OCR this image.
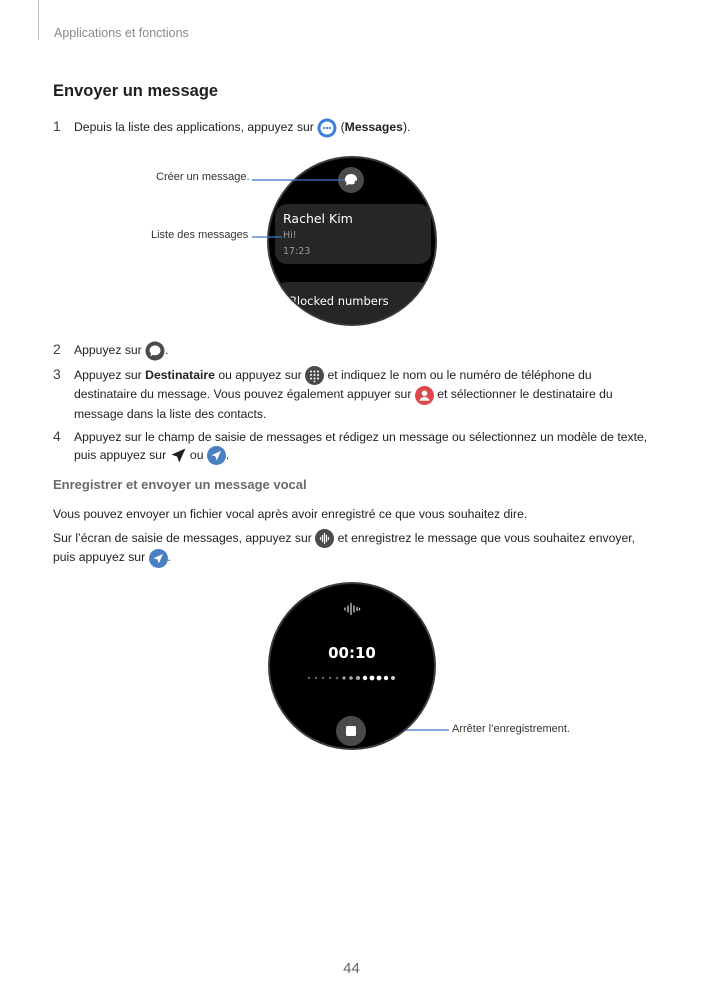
Applications et fonctions
Envoyer un message
1 Depuis la liste des applications, appuyez sur (Messages).
Rachel Kim
Hi!
17:23
Blocked numbers
Créer un message.
Liste des messages
2 Appuyez sur .
3 Appuyez sur Destinataire ou appuyez sur et indiquez le nom ou le numéro de téléphone du
destinataire du message. Vous pouvez également appuyer sur et sélectionner le destinataire du
message dans la liste des contacts.
4 Appuyez sur le champ de saisie de messages et rédigez un message ou sélectionnez un modèle de texte,
puis appuyez sur ou .
Enregistrer et envoyer un message vocal
Vous pouvez envoyer un fichier vocal après avoir enregistré ce que vous souhaitez dire.
Sur l’écran de saisie de messages, appuyez sur et enregistrez le message que vous souhaitez envoyer,
puis appuyez sur .
00:10
Arrêter l’enregistrement.
44
